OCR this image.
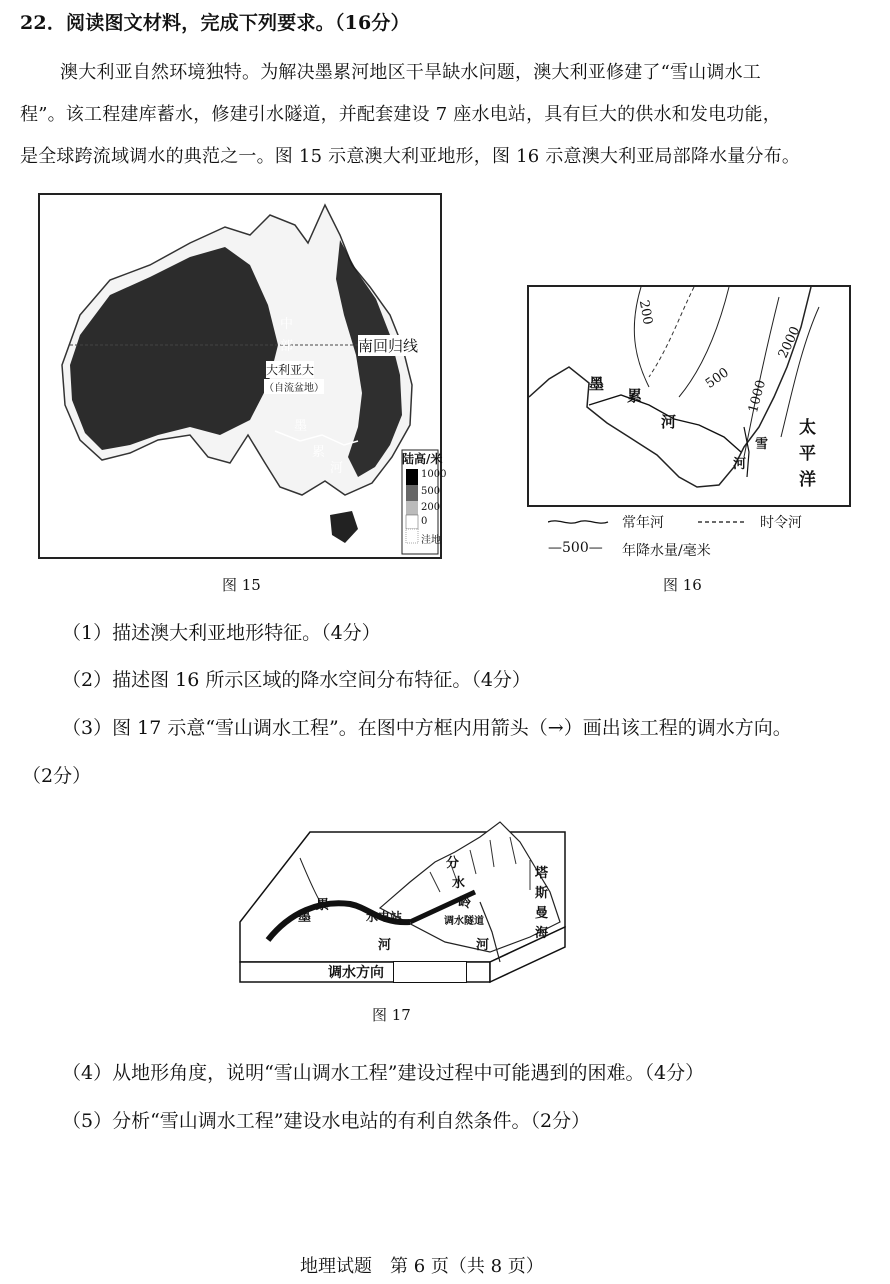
22．阅读图文材料，完成下列要求。（16分）
澳大利亚自然环境独特。为解决墨累河地区干旱缺水问题，澳大利亚修建了“雪山调水工
程”。该工程建库蓄水，修建引水隧道，并配套建设 7 座水电站，具有巨大的供水和发电功能，
是全球跨流域调水的典范之一。图 15 示意澳大利亚地形，图 16 示意澳大利亚局部降水量分布。
陆高/米
1000
500
200
0
洼地
南回归线
中
部
大利亚大
（自流盆地）
墨
累
河
图 15
200
500
1000
2000
太
平
洋
墨
累
河
雪
河
常年河	时令河
—500— 年降水量/毫米
图 16
（1）描述澳大利亚地形特征。（4分）
（2）描述图 16 所示区域的降水空间分布特征。（4分）
（3）图 17 示意“雪山调水工程”。在图中方框内用箭头（→）画出该工程的调水方向。
（2分）
墨
累
河
水电站
分
水
岭
调水隧道
河
塔
斯
曼
海
调水方向
图 17
（4）从地形角度，说明“雪山调水工程”建设过程中可能遇到的困难。（4分）
（5）分析“雪山调水工程”建设水电站的有利自然条件。（2分）
地理试题　第 6 页（共 8 页）
